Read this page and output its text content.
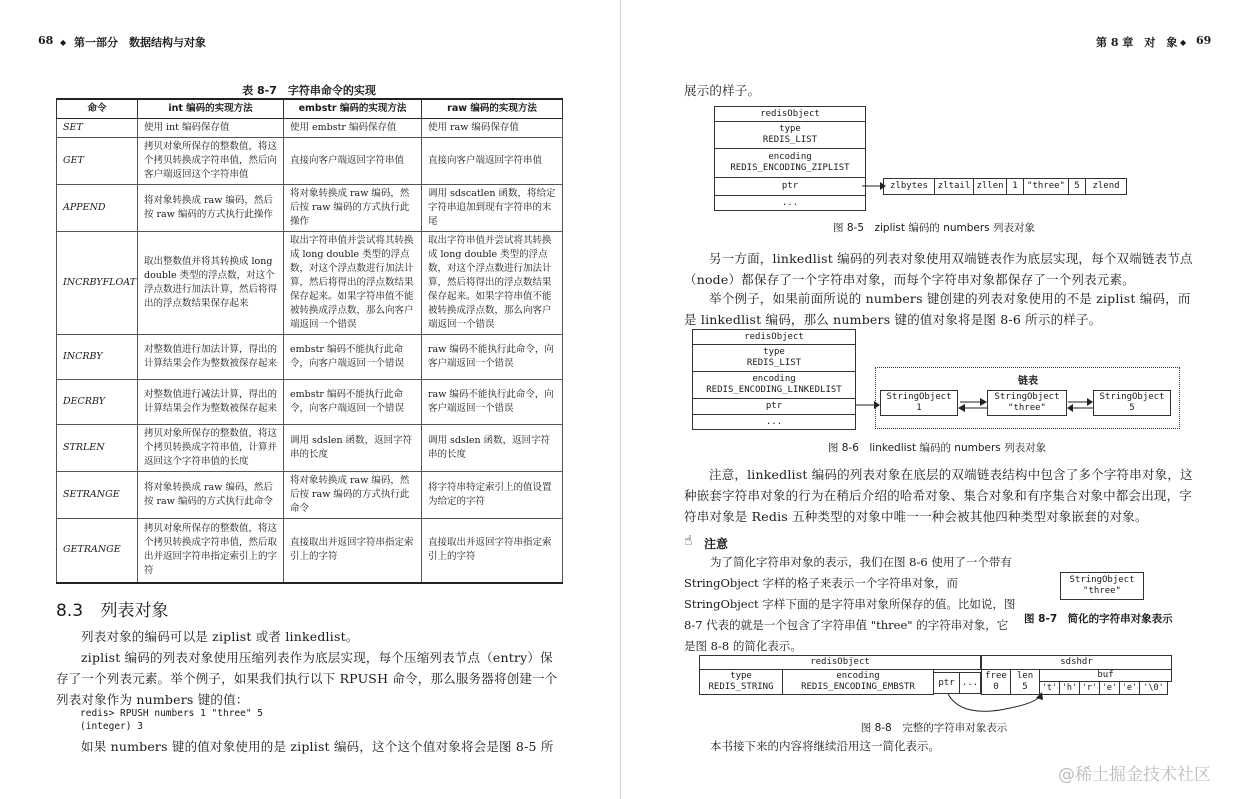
68 ◆ 第一部分　数据结构与对象
表 8-7　字符串命令的实现
命令	int 编码的实现方法	embstr 编码的实现方法	raw 编码的实现方法
SET	使用 int 编码保存值	使用 embstr 编码保存值	使用 raw 编码保存值
GET	拷贝对象所保存的整数值，将这个拷贝转换成字符串值，然后向客户端返回这个字符串值	直接向客户端返回字符串值	直接向客户端返回字符串值
APPEND	将对象转换成 raw 编码，然后按 raw 编码的方式执行此操作	将对象转换成 raw 编码，然后按 raw 编码的方式执行此操作	调用 sdscatlen 函数，将给定字符串追加到现有字符串的末尾
INCRBYFLOAT	取出整数值并将其转换成 long double 类型的浮点数，对这个浮点数进行加法计算，然后将得出的浮点数结果保存起来	取出字符串值并尝试将其转换成 long double 类型的浮点数，对这个浮点数进行加法计算，然后将得出的浮点数结果保存起来。如果字符串值不能被转换成浮点数，那么向客户端返回一个错误	取出字符串值并尝试将其转换成 long double 类型的浮点数，对这个浮点数进行加法计算，然后将得出的浮点数结果保存起来。如果字符串值不能被转换成浮点数，那么向客户端返回一个错误
INCRBY	对整数值进行加法计算，得出的计算结果会作为整数被保存起来	embstr 编码不能执行此命令，向客户端返回一个错误	raw 编码不能执行此命令，向客户端返回一个错误
DECRBY	对整数值进行减法计算，得出的计算结果会作为整数被保存起来	embstr 编码不能执行此命令，向客户端返回一个错误	raw 编码不能执行此命令，向客户端返回一个错误
STRLEN	拷贝对象所保存的整数值，将这个拷贝转换成字符串值，计算并返回这个字符串值的长度	调用 sdslen 函数，返回字符串的长度	调用 sdslen 函数，返回字符串的长度
SETRANGE	将对象转换成 raw 编码，然后按 raw 编码的方式执行此命令	将对象转换成 raw 编码，然后按 raw 编码的方式执行此命令	将字符串特定索引上的值设置为给定的字符
GETRANGE	拷贝对象所保存的整数值，将这个拷贝转换成字符串值，然后取出并返回字符串指定索引上的字符	直接取出并返回字符串指定索引上的字符	直接取出并返回字符串指定索引上的字符
8.3 列表对象
列表对象的编码可以是 ziplist 或者 linkedlist。
ziplist 编码的列表对象使用压缩列表作为底层实现，每个压缩列表节点（entry）保存了一个列表元素。举个例子，如果我们执行以下 RPUSH 命令，那么服务器将创建一个列表对象作为 numbers 键的值：
redis> RPUSH numbers 1 "three" 5
(integer) 3
如果 numbers 键的值对象使用的是 ziplist 编码，这个这个值对象将会是图 8-5 所
第 8 章　对　象 ◆ 69
展示的样子。
redisObject
type
REDIS_LIST
encoding
REDIS_ENCODING_ZIPLIST
ptr
...
zlbytes	zltail zllen 1	"three"	5	zlend
图 8-5　ziplist 编码的 numbers 列表对象
另一方面，linkedlist 编码的列表对象使用双端链表作为底层实现，每个双端链表节点（node）都保存了一个字符串对象，而每个字符串对象都保存了一个列表元素。
举个例子，如果前面所说的 numbers 键创建的列表对象使用的不是 ziplist 编码，而是 linkedlist 编码，那么 numbers 键的值对象将是图 8-6 所示的样子。
redisObject
type
REDIS_LIST
encoding
REDIS_ENCODING_LINKEDLIST
ptr
...
链表
StringObject
1
StringObject
"three"
StringObject
5
图 8-6　linkedlist 编码的 numbers 列表对象
注意，linkedlist 编码的列表对象在底层的双端链表结构中包含了多个字符串对象，这种嵌套字符串对象的行为在稍后介绍的哈希对象、集合对象和有序集合对象中都会出现，字符串对象是 Redis 五种类型的对象中唯一一种会被其他四种类型对象嵌套的对象。
☝ 注意
为了简化字符串对象的表示，我们在图 8-6 使用了一个带有 StringObject 字样的格子来表示一个字符串对象，而 StringObject 字样下面的是字符串对象所保存的值。比如说，图 8-7 代表的就是一个包含了字符串值 "three" 的字符串对象，它是图 8-8 的简化表示。
StringObject
"three"
图 8-7　简化的字符串对象表示
redisObject
type
REDIS_STRING
encoding
REDIS_ENCODING_EMBSTR	ptr ...
sdshdr
free
0
len
5
buf
't' 'h' 'r' 'e' 'e' '\0'
图 8-8　完整的字符串对象表示
本书接下来的内容将继续沿用这一简化表示。
@稀土掘金技术社区
